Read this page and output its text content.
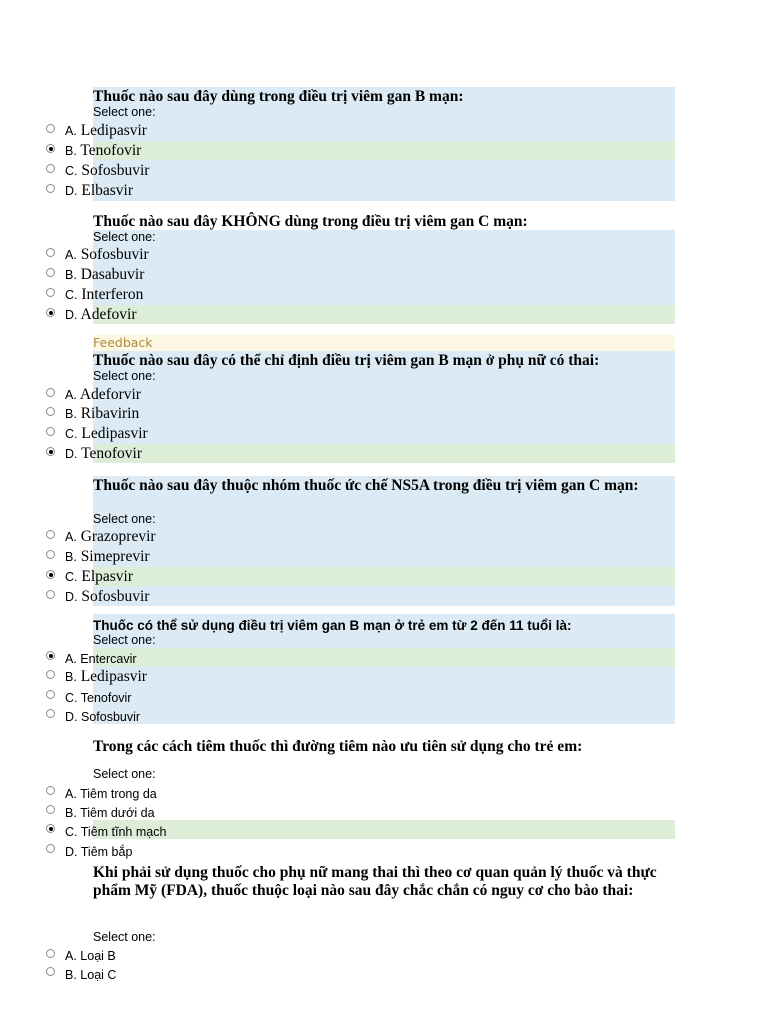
Thuốc nào sau đây dùng trong điều trị viêm gan B mạn:
Select one:
A. Ledipasvir
B. Tenofovir
C. Sofosbuvir
D. Elbasvir
Thuốc nào sau đây KHÔNG dùng trong điều trị viêm gan C mạn:
Select one:
A. Sofosbuvir
B. Dasabuvir
C. Interferon
D. Adefovir
Feedback
Thuốc nào sau đây có thể chỉ định điều trị viêm gan B mạn ở phụ nữ có thai:
Select one:
A. Adeforvir
B. Ribavirin
C. Ledipasvir
D. Tenofovir
Thuốc nào sau đây thuộc nhóm thuốc ức chế NS5A trong điều trị viêm gan C mạn:
Select one:
A. Grazoprevir
B. Simeprevir
C. Elpasvir
D. Sofosbuvir
Thuốc có thể sử dụng điều trị viêm gan B mạn ở trẻ em từ 2 đến 11 tuổi là:
Select one:
A. Entercavir
B. Ledipasvir
C. Tenofovir
D. Sofosbuvir
Trong các cách tiêm thuốc thì đường tiêm nào ưu tiên sử dụng cho trẻ em:
Select one:
A. Tiêm trong da
B. Tiêm dưới da
C. Tiêm tĩnh mạch
D. Tiêm bắp
Khi phải sử dụng thuốc cho phụ nữ mang thai thì theo cơ quan quản lý thuốc và thực phẩm Mỹ (FDA), thuốc thuộc loại nào sau đây chắc chắn có nguy cơ cho bào thai:
Select one:
A. Loại B
B. Loại C
